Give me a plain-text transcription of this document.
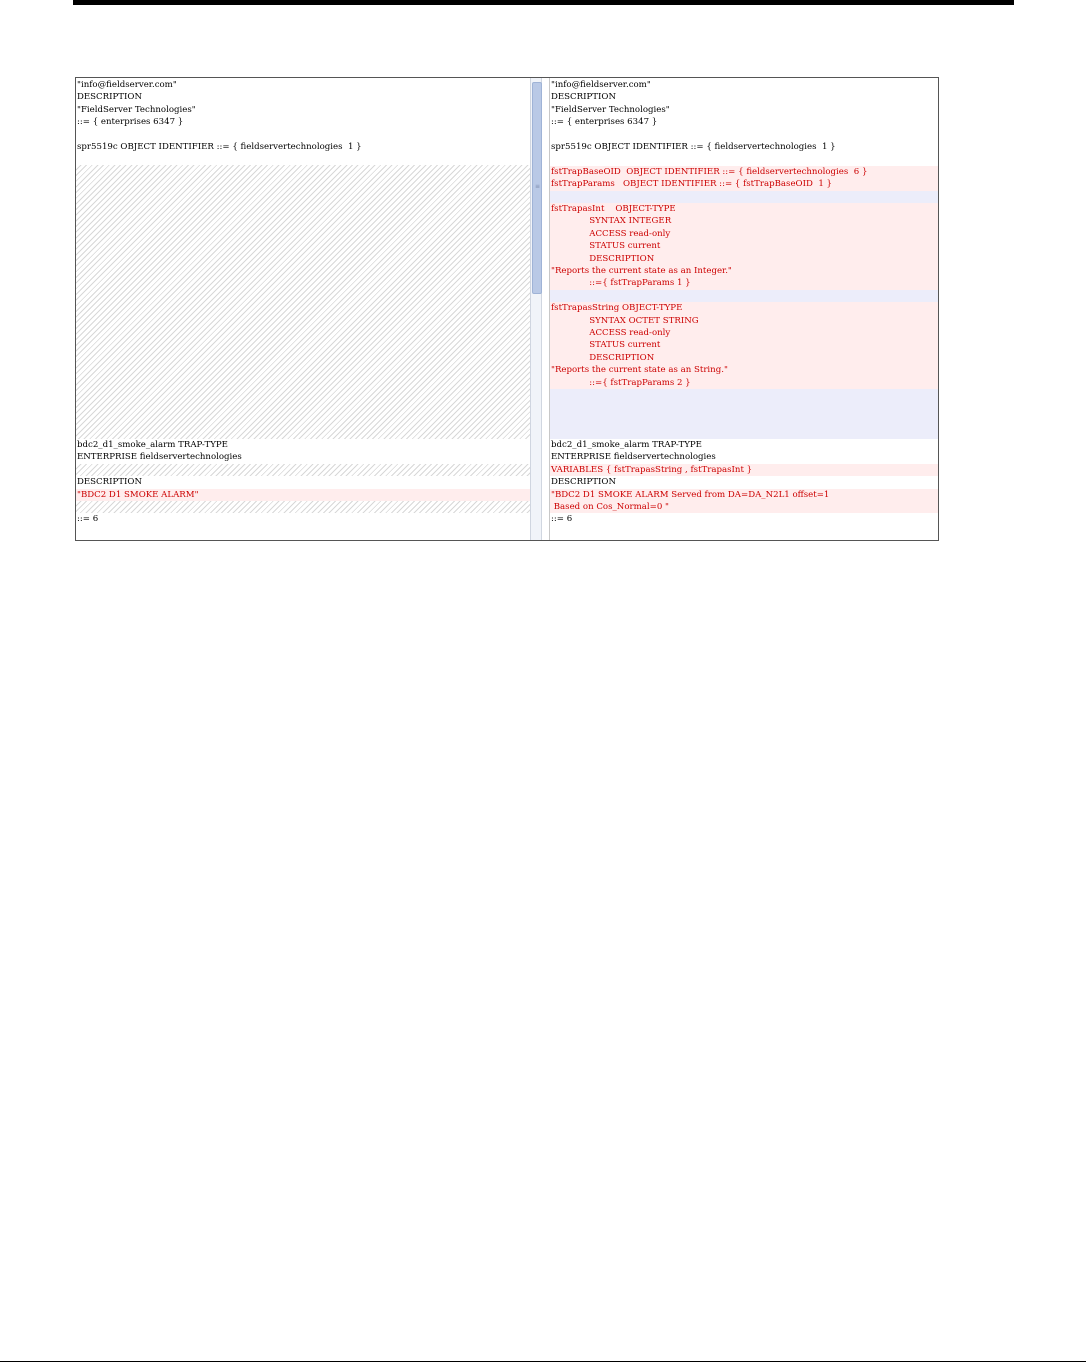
"info@fieldserver.com"
DESCRIPTION
"FieldServer Technologies"
::= { enterprises 6347 }
spr5519c OBJECT IDENTIFIER ::= { fieldservertechnologies  1 }
bdc2_d1_smoke_alarm TRAP-TYPE
ENTERPRISE fieldservertechnologies
DESCRIPTION
"BDC2 D1 SMOKE ALARM"
::= 6
≡
"info@fieldserver.com"
DESCRIPTION
"FieldServer Technologies"
::= { enterprises 6347 }
spr5519c OBJECT IDENTIFIER ::= { fieldservertechnologies  1 }
fstTrapBaseOID  OBJECT IDENTIFIER ::= { fieldservertechnologies  6 }
fstTrapParams   OBJECT IDENTIFIER ::= { fstTrapBaseOID  1 }
fstTrapasInt    OBJECT-TYPE
SYNTAX INTEGER
ACCESS read-only
STATUS current
DESCRIPTION
"Reports the current state as an Integer."
::={ fstTrapParams 1 }
fstTrapasString OBJECT-TYPE
SYNTAX OCTET STRING
ACCESS read-only
STATUS current
DESCRIPTION
"Reports the current state as an String."
::={ fstTrapParams 2 }
bdc2_d1_smoke_alarm TRAP-TYPE
ENTERPRISE fieldservertechnologies
VARIABLES { fstTrapasString , fstTrapasInt }
DESCRIPTION
"BDC2 D1 SMOKE ALARM Served from DA=DA_N2L1 offset=1
Based on Cos_Normal=0 "
::= 6
